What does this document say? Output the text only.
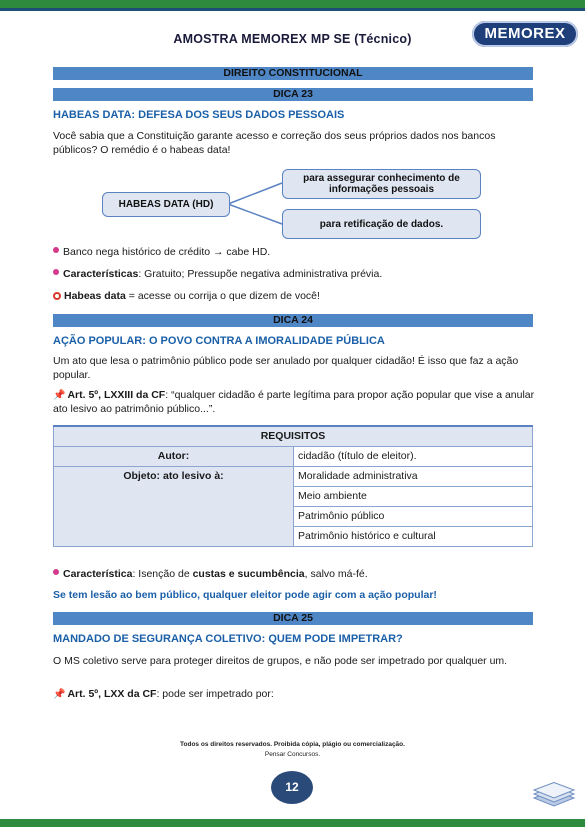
AMOSTRA MEMOREX MP SE (Técnico)	MEMOREX
DIREITO CONSTITUCIONAL
DICA 23
HABEAS DATA: DEFESA DOS SEUS DADOS PESSOAIS
Você sabia que a Constituição garante acesso e correção dos seus próprios dados nos bancos públicos? O remédio é o habeas data!
HABEAS DATA (HD)
para assegurar conhecimento de informações pessoais
para retificação de dados.
Banco nega histórico de crédito → cabe HD.
Características: Gratuito; Pressupõe negativa administrativa prévia.
Habeas data = acesse ou corrija o que dizem de você!
DICA 24
AÇÃO POPULAR: O POVO CONTRA A IMORALIDADE PÚBLICA
Um ato que lesa o patrimônio público pode ser anulado por qualquer cidadão! É isso que faz a ação popular.
📌 Art. 5º, LXXIII da CF: “qualquer cidadão é parte legítima para propor ação popular que vise a anular ato lesivo ao patrimônio público...”.
REQUISITOS	
Autor:	cidadão (título de eleitor).
Objeto: ato lesivo à:	Moralidade administrativa
	Meio ambiente
	Patrimônio público
	Patrimônio histórico e cultural
Característica: Isenção de custas e sucumbência, salvo má-fé.
Se tem lesão ao bem público, qualquer eleitor pode agir com a ação popular!
DICA 25
MANDADO DE SEGURANÇA COLETIVO: QUEM PODE IMPETRAR?
O MS coletivo serve para proteger direitos de grupos, e não pode ser impetrado por qualquer um.
📌 Art. 5º, LXX da CF: pode ser impetrado por:
Todos os direitos reservados. Proibida cópia, plágio ou comercialização.
Pensar Concursos.
12
